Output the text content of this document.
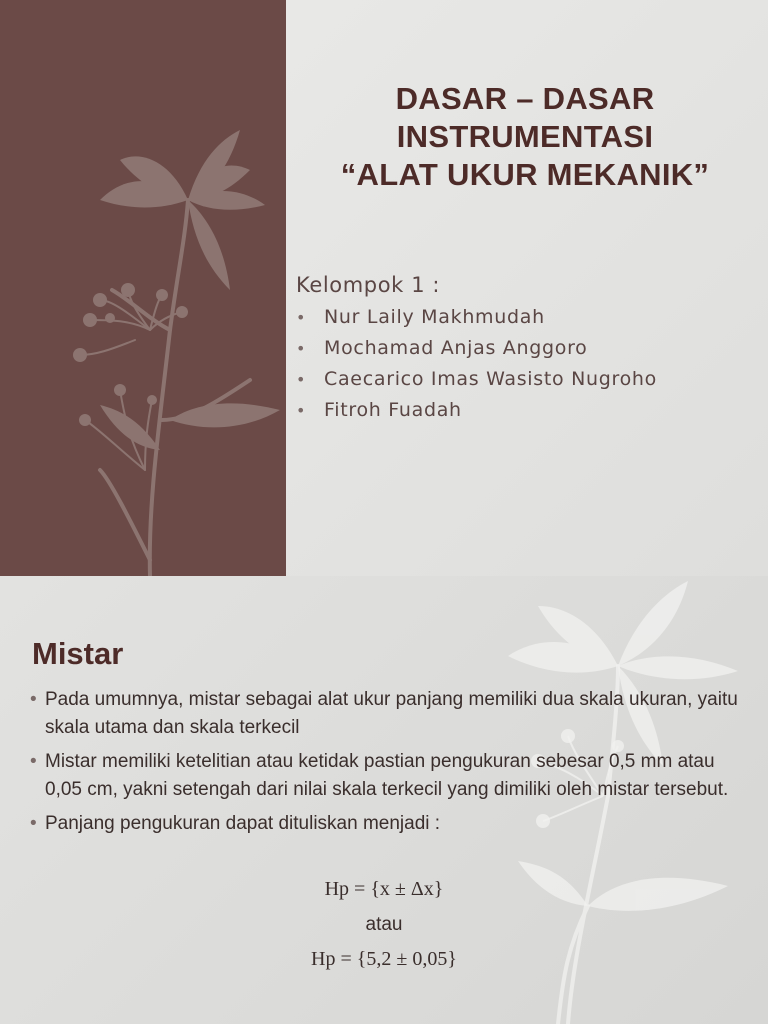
DASAR – DASAR
INSTRUMENTASI
“ALAT UKUR MEKANIK”
Kelompok 1 :
• Nur Laily Makhmudah
• Mochamad Anjas Anggoro
• Caecarico Imas Wasisto Nugroho
• Fitroh Fuadah
Mistar
• Pada umumnya, mistar sebagai alat ukur panjang memiliki dua skala ukuran, yaitu skala utama dan skala terkecil
• Mistar memiliki ketelitian atau ketidak pastian pengukuran sebesar 0,5 mm atau 0,05 cm, yakni setengah dari nilai skala terkecil yang dimiliki oleh mistar tersebut.
• Panjang pengukuran dapat dituliskan menjadi :
Hp = {x ± Δx}
atau
Hp = {5,2 ± 0,05}
